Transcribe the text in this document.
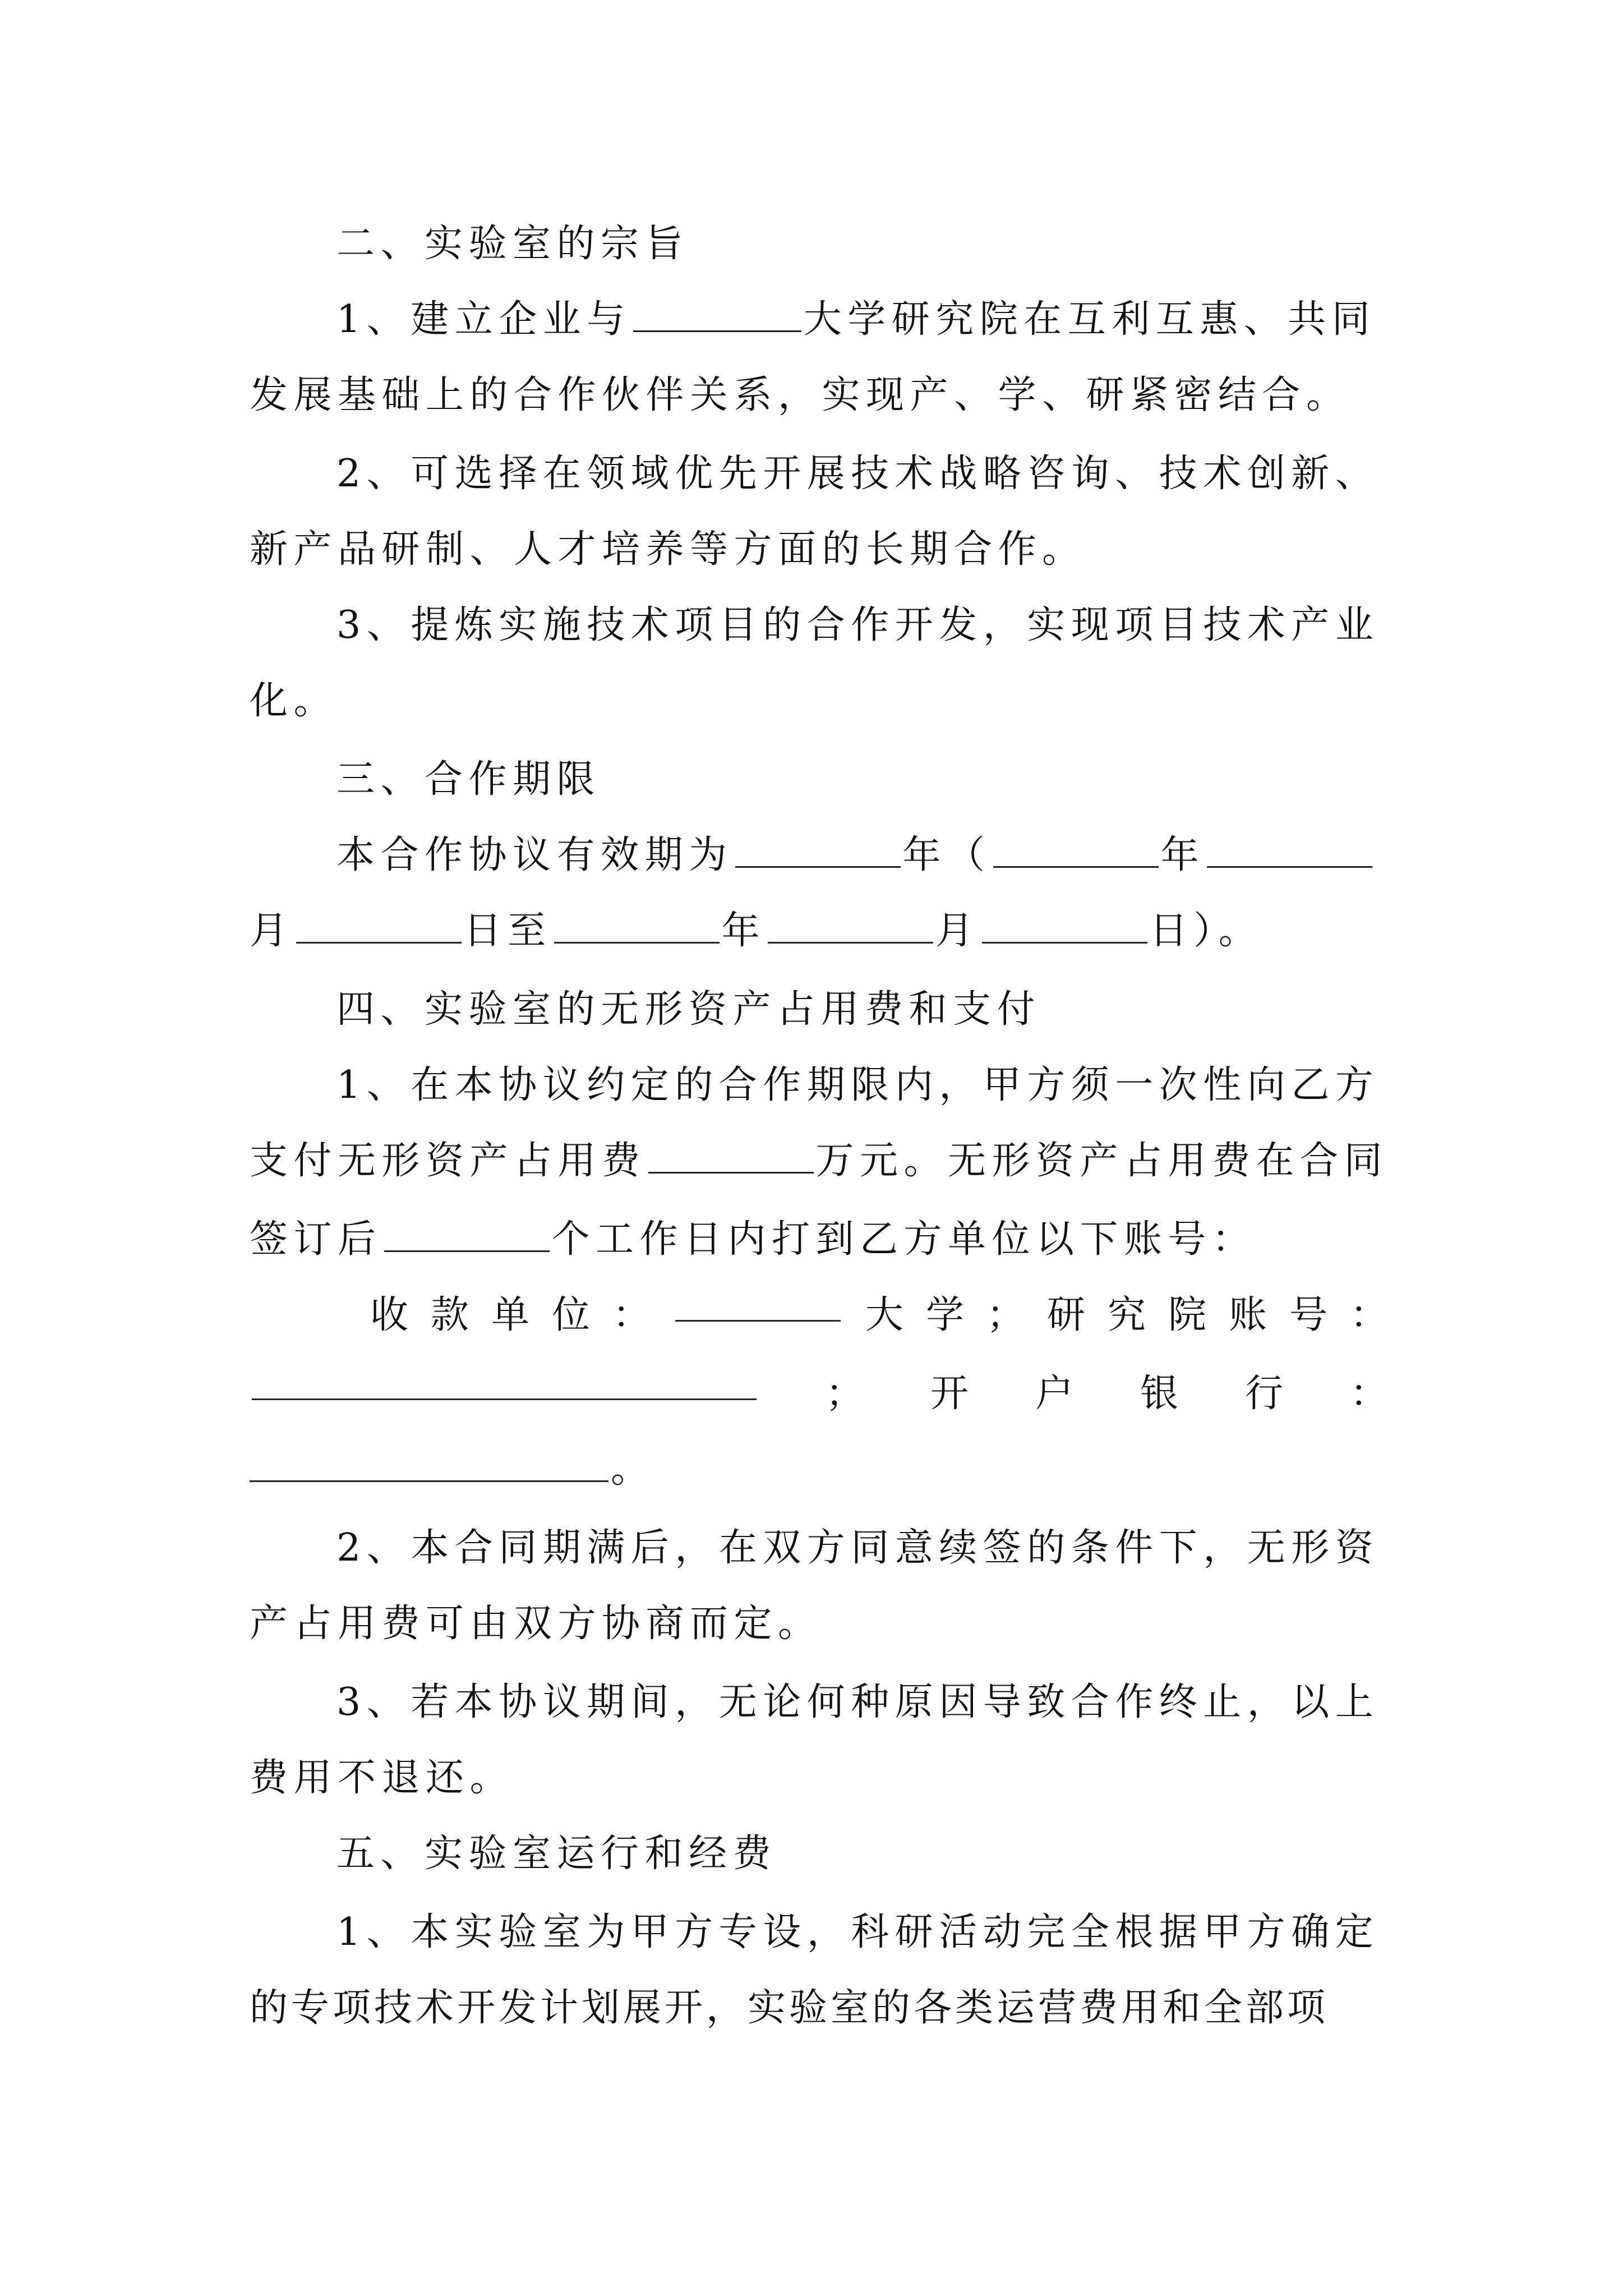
二、实验室的宗旨
1、建立企业与	大学研究院在互利互惠、共同
发展基础上的合作伙伴关系，实现产、学、研紧密结合。
2、可选择在领域优先开展技术战略咨询、技术创新、
新产品研制、人才培养等方面的长期合作。
3、提炼实施技术项目的合作开发，实现项目技术产业
化。
三、合作期限
本合作协议有效期为	年（	年
月	日至	年	月	日）。
四、实验室的无形资产占用费和支付
1、在本协议约定的合作期限内，甲方须一次性向乙方
支付无形资产占用费	万元。无形资产占用费在合同
签订后	个工作日内打到乙方单位以下账号：
收 款 单 位 ：	大 学 ； 研 究 院 账 号 ：
； 开 户 银 行 ：
。
2、本合同期满后，在双方同意续签的条件下，无形资
产占用费可由双方协商而定。
3、若本协议期间，无论何种原因导致合作终止，以上
费用不退还。
五、实验室运行和经费
1、本实验室为甲方专设，科研活动完全根据甲方确定
的专项技术开发计划展开，实验室的各类运营费用和全部项
